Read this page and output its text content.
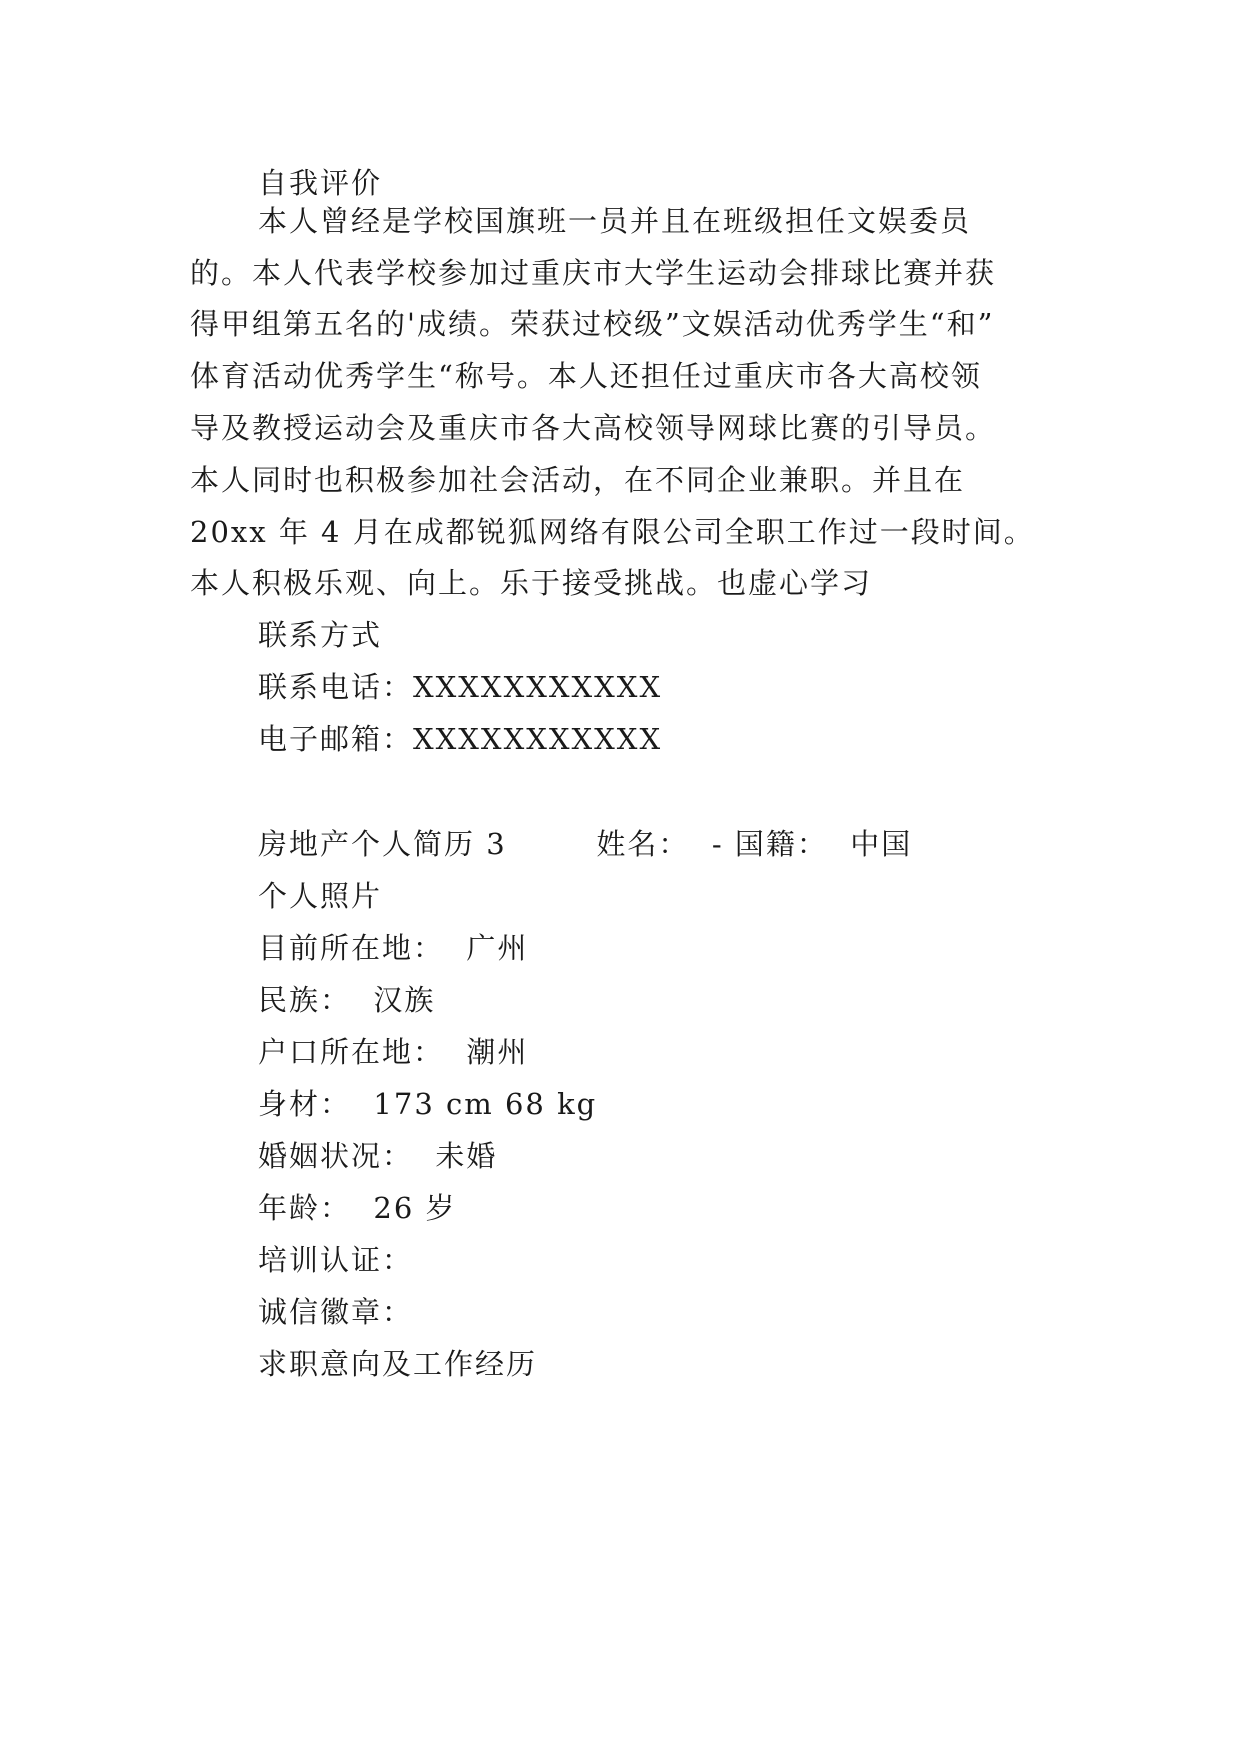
自我评价
本人曾经是学校国旗班一员并且在班级担任文娱委员
的。本人代表学校参加过重庆市大学生运动会排球比赛并获
得甲组第五名的'成绩。荣获过校级”文娱活动优秀学生“和”
体育活动优秀学生“称号。本人还担任过重庆市各大高校领
导及教授运动会及重庆市各大高校领导网球比赛的引导员。
本人同时也积极参加社会活动，在不同企业兼职。并且在
20xx 年 4 月在成都锐狐网络有限公司全职工作过一段时间。
本人积极乐观、向上。乐于接受挑战。也虚心学习
联系方式
联系电话：XXXXXXXXXXX
电子邮箱：XXXXXXXXXXX
房地产个人简历 3        姓名：  - 国籍：  中国
个人照片
目前所在地：  广州
民族：  汉族
户口所在地：  潮州
身材：  173 cm 68 kg
婚姻状况：  未婚
年龄：  26 岁
培训认证：
诚信徽章：
求职意向及工作经历
